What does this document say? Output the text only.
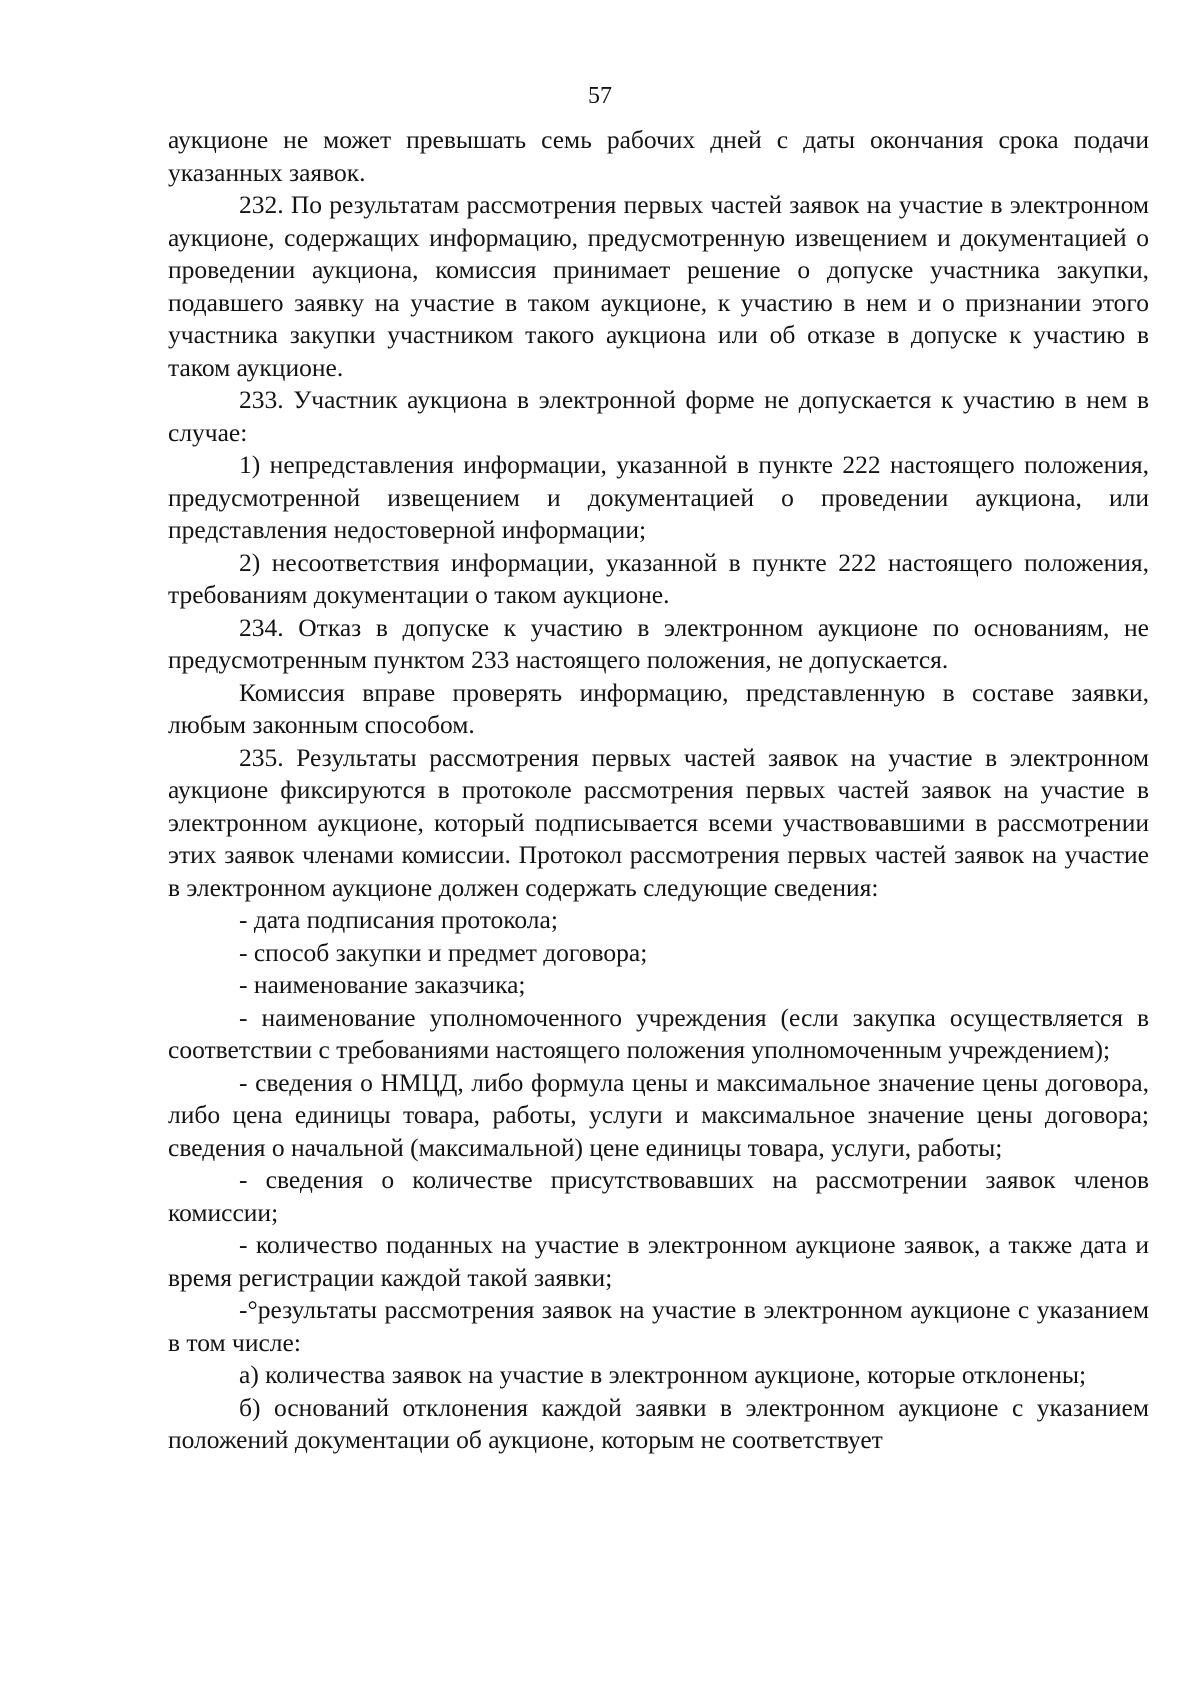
57

аукционе не может превышать семь рабочих дней с даты окончания срока подачи указанных заявок.

232. По результатам рассмотрения первых частей заявок на участие в электронном аукционе, содержащих информацию, предусмотренную извещением и документацией о проведении аукциона, комиссия принимает решение о допуске участника закупки, подавшего заявку на участие в таком аукционе, к участию в нем и о признании этого участника закупки участником такого аукциона или об отказе в допуске к участию в таком аукционе.

233. Участник аукциона в электронной форме не допускается к участию в нем в случае:

1) непредставления информации, указанной в пункте 222 настоящего положения, предусмотренной извещением и документацией о проведении аукциона, или представления недостоверной информации;

2) несоответствия информации, указанной в пункте 222 настоящего положения, требованиям документации о таком аукционе.

234. Отказ в допуске к участию в электронном аукционе по основаниям, не предусмотренным пунктом 233 настоящего положения, не допускается.

Комиссия вправе проверять информацию, представленную в составе заявки, любым законным способом.

235. Результаты рассмотрения первых частей заявок на участие в электронном аукционе фиксируются в протоколе рассмотрения первых частей заявок на участие в электронном аукционе, который подписывается всеми участвовавшими в рассмотрении этих заявок членами комиссии. Протокол рассмотрения первых частей заявок на участие в электронном аукционе должен содержать следующие сведения:

- дата подписания протокола;

- способ закупки и предмет договора;

- наименование заказчика;

- наименование уполномоченного учреждения (если закупка осуществляется в соответствии с требованиями настоящего положения уполномоченным учреждением);

- сведения о НМЦД, либо формула цены и максимальное значение цены договора, либо цена единицы товара, работы, услуги и максимальное значение цены договора; сведения о начальной (максимальной) цене единицы товара, услуги, работы;

- сведения о количестве присутствовавших на рассмотрении заявок членов комиссии;

- количество поданных на участие в электронном аукционе заявок, а также дата и время регистрации каждой такой заявки;

-°результаты рассмотрения заявок на участие в электронном аукционе с указанием в том числе:

а) количества заявок на участие в электронном аукционе, которые отклонены;

б) оснований отклонения каждой заявки в электронном аукционе с указанием положений документации об аукционе, которым не соответствует
